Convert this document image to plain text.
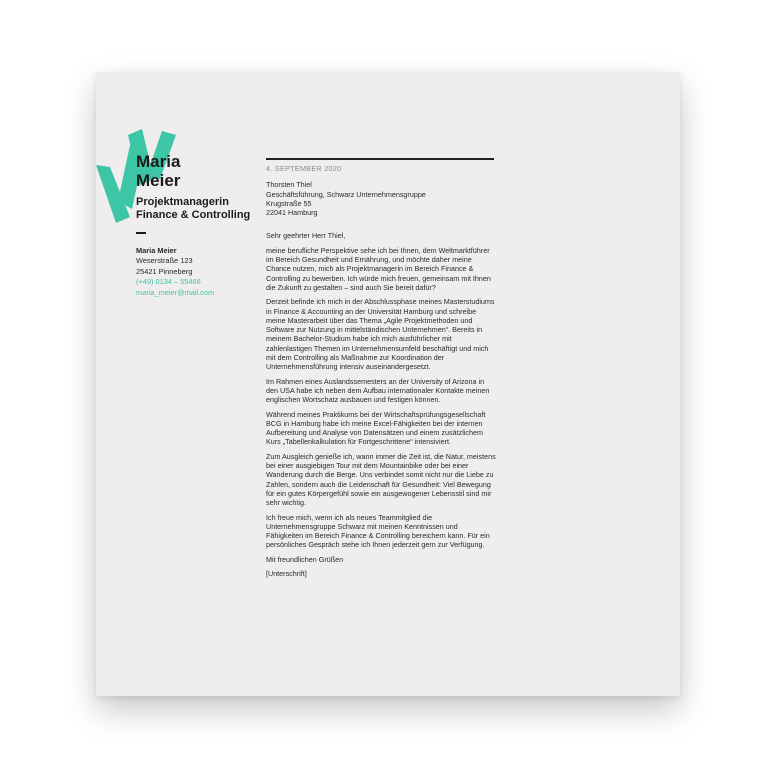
Maria
Meier
Projektmanagerin
Finance & Controlling
Maria Meier
Weserstraße 123
25421 Pinneberg
(+49) 0134 – 55466
maria_meier@mail.com
4. SEPTEMBER 2020
Thorsten Thiel
Geschäftsführung, Schwarz Unternehmensgruppe
Krugstraße 55
22041 Hamburg

Sehr geehrter Herr Thiel,

meine berufliche Perspektive sehe ich bei Ihnen, dem Weltmarktführer im Bereich Gesundheit und Ernährung, und möchte daher meine Chance nutzen, mich als Projektmanagerin im Bereich Finance & Controlling zu bewerben. Ich würde mich freuen, gemeinsam mit Ihnen die Zukunft zu gestalten – sind auch Sie bereit dafür?

Derzeit befinde ich mich in der Abschlussphase meines Masterstudiums in Finance & Accounting an der Universität Hamburg und schreibe meine Masterarbeit über das Thema „Agile Projektmethoden und Software zur Nutzung in mittelständischen Unternehmen“. Bereits in meinem Bachelor-Studium habe ich mich ausführlicher mit zahlenlastigen Themen im Unternehmensumfeld beschäftigt und mich mit dem Controlling als Maßnahme zur Koordination der Unternehmensführung intensiv auseinandergesetzt.

Im Rahmen eines Auslandssemesters an der University of Arizona in den USA habe ich neben dem Aufbau internationaler Kontakte meinen englischen Wortschatz ausbauen und festigen können.

Während meines Praktikums bei der Wirtschaftsprüfungsgesellschaft BCG in Hamburg habe ich meine Excel-Fähigkeiten bei der internen Aufbereitung und Analyse von Datensätzen und einem zusätzlichem Kurs „Tabellenkalkulation für Fortgeschrittene“ intensiviert.

Zum Ausgleich genieße ich, wann immer die Zeit ist, die Natur, meistens bei einer ausgiebigen Tour mit dem Mountainbike oder bei einer Wanderung durch die Berge. Uns verbindet somit nicht nur die Liebe zu Zahlen, sondern auch die Leidenschaft für Gesundheit: Viel Bewegung für ein gutes Körpergefühl sowie ein ausgewogener Lebensstil sind mir sehr wichtig.

Ich freue mich, wenn ich als neues Teammitglied die Unternehmensgruppe Schwarz mit meinen Kenntnissen und Fähigkeiten im Bereich Finance & Controlling bereichern kann. Für ein persönliches Gespräch stehe ich Ihnen jederzeit gern zur Verfügung.

Mit freundlichen Grüßen

[Unterschrift]
